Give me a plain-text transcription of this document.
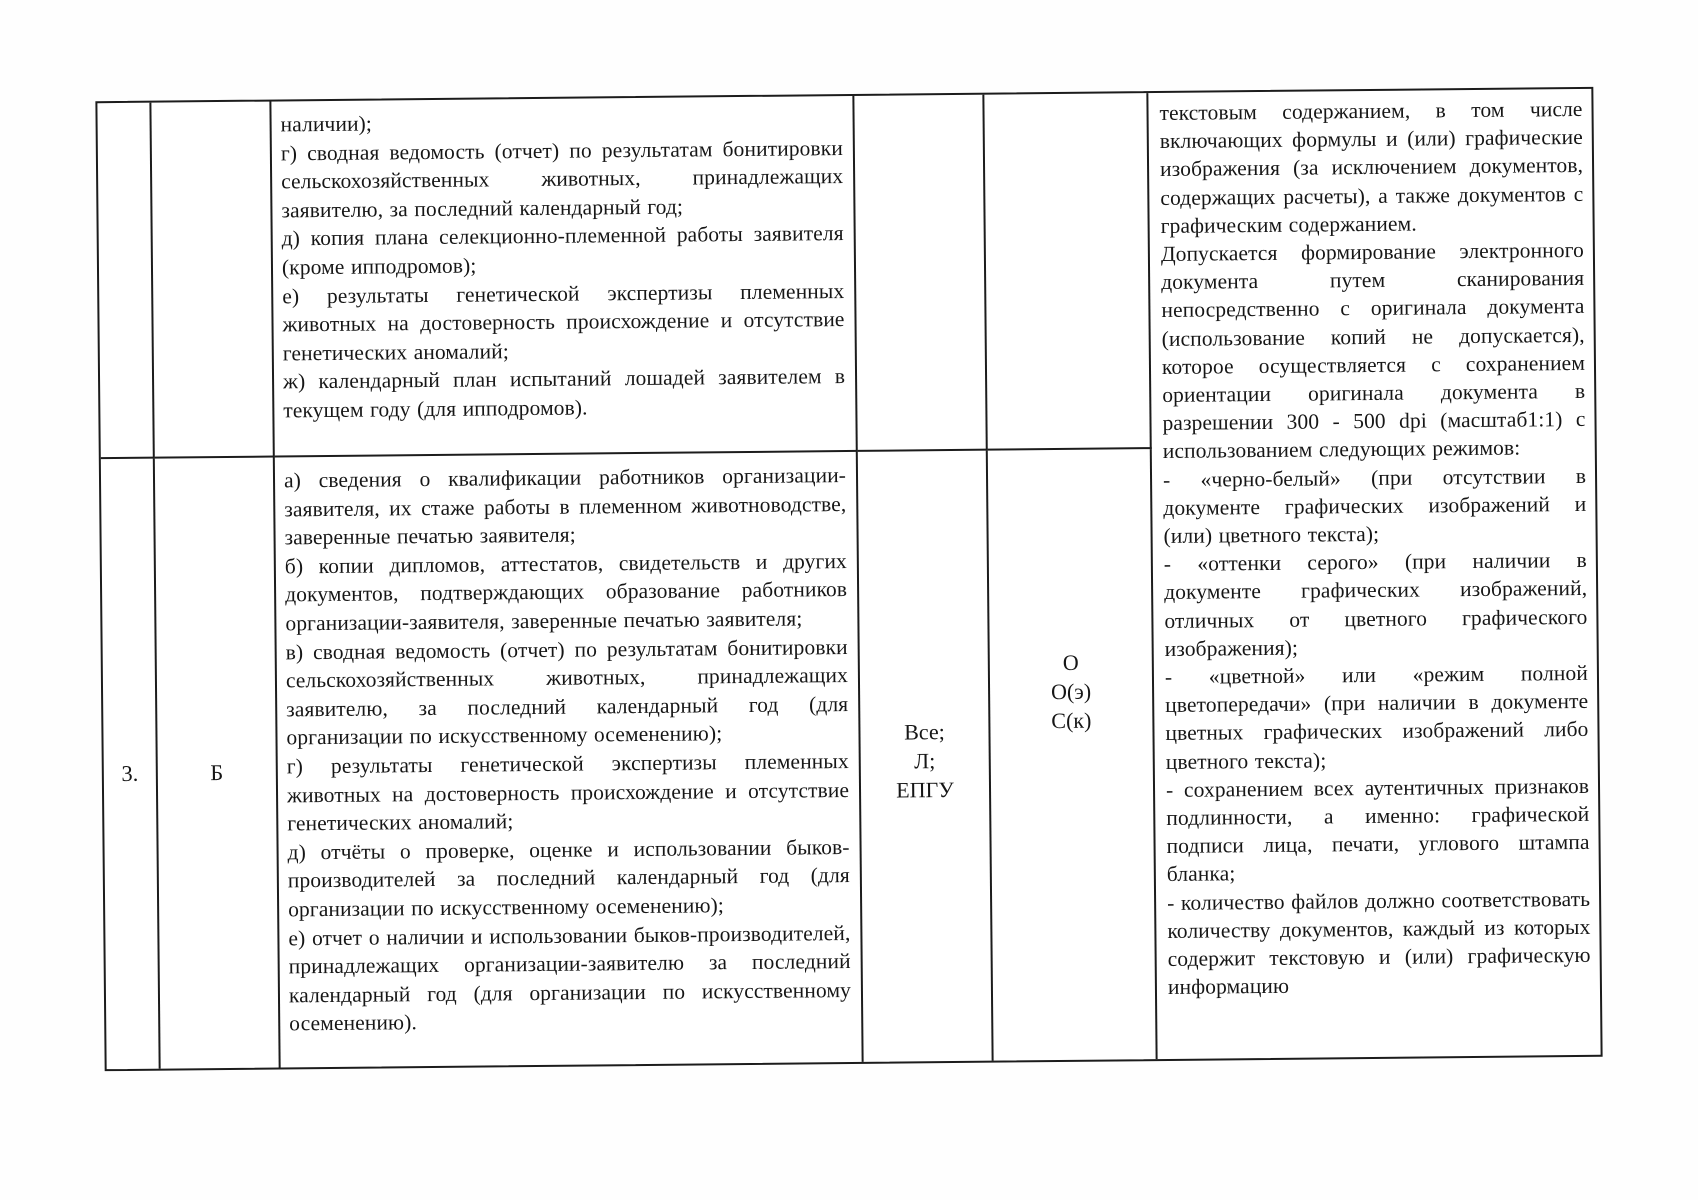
наличии);

г) сводная ведомость (отчет) по результатам бонитировки сельскохозяйственных животных, принадлежащих заявителю, за последний календарный год;

д) копия плана селекционно-племенной работы заявителя (кроме ипподромов);

е) результаты генетической экспертизы племенных животных на достоверность происхождение и отсутствие генетических аномалий;

ж) календарный план испытаний лошадей заявителем в текущем году (для ипподромов).

текстовым содержанием, в том числе включающих формулы и (или) графические изображения (за исключением документов, содержащих расчеты), а также документов с графическим содержанием.

Допускается формирование электронного документа путем сканирования непосредственно с оригинала документа (использование копий не допускается), которое осуществляется с сохранением ориентации оригинала документа в разрешении 300 - 500 dpi (масштаб1:1) с использованием следующих режимов:

- «черно-белый» (при отсутствии в документе графических изображений и (или) цветного текста);

- «оттенки серого» (при наличии в документе графических изображений, отличных от цветного графического изображения);

- «цветной» или «режим полной цветопередачи» (при наличии в документе цветных графических изображений либо цветного текста);

- сохранением всех аутентичных признаков подлинности, а именно: графической подписи лица, печати, углового штампа бланка;

- количество файлов должно соответствовать количеству документов, каждый из которых содержит текстовую и (или) графическую информацию

3.	Б

а) сведения о квалификации работников организации-заявителя, их стаже работы в племенном животноводстве, заверенные печатью заявителя;

б) копии дипломов, аттестатов, свидетельств и других документов, подтверждающих образование работников организации-заявителя, заверенные печатью заявителя;

в) сводная ведомость (отчет) по результатам бонитировки сельскохозяйственных животных, принадлежащих заявителю, за последний календарный год (для организации по искусственному осеменению);

г) результаты генетической экспертизы племенных животных на достоверность происхождение и отсутствие генетических аномалий;

д) отчёты о проверке, оценке и использовании быков-производителей за последний календарный год (для организации по искусственному осеменению);

е) отчет о наличии и использовании быков-производителей, принадлежащих организации-заявителю за последний календарный год (для организации по искусственному осеменению).

Все;

Л;

ЕПГУ

О

О(э)

С(к)
